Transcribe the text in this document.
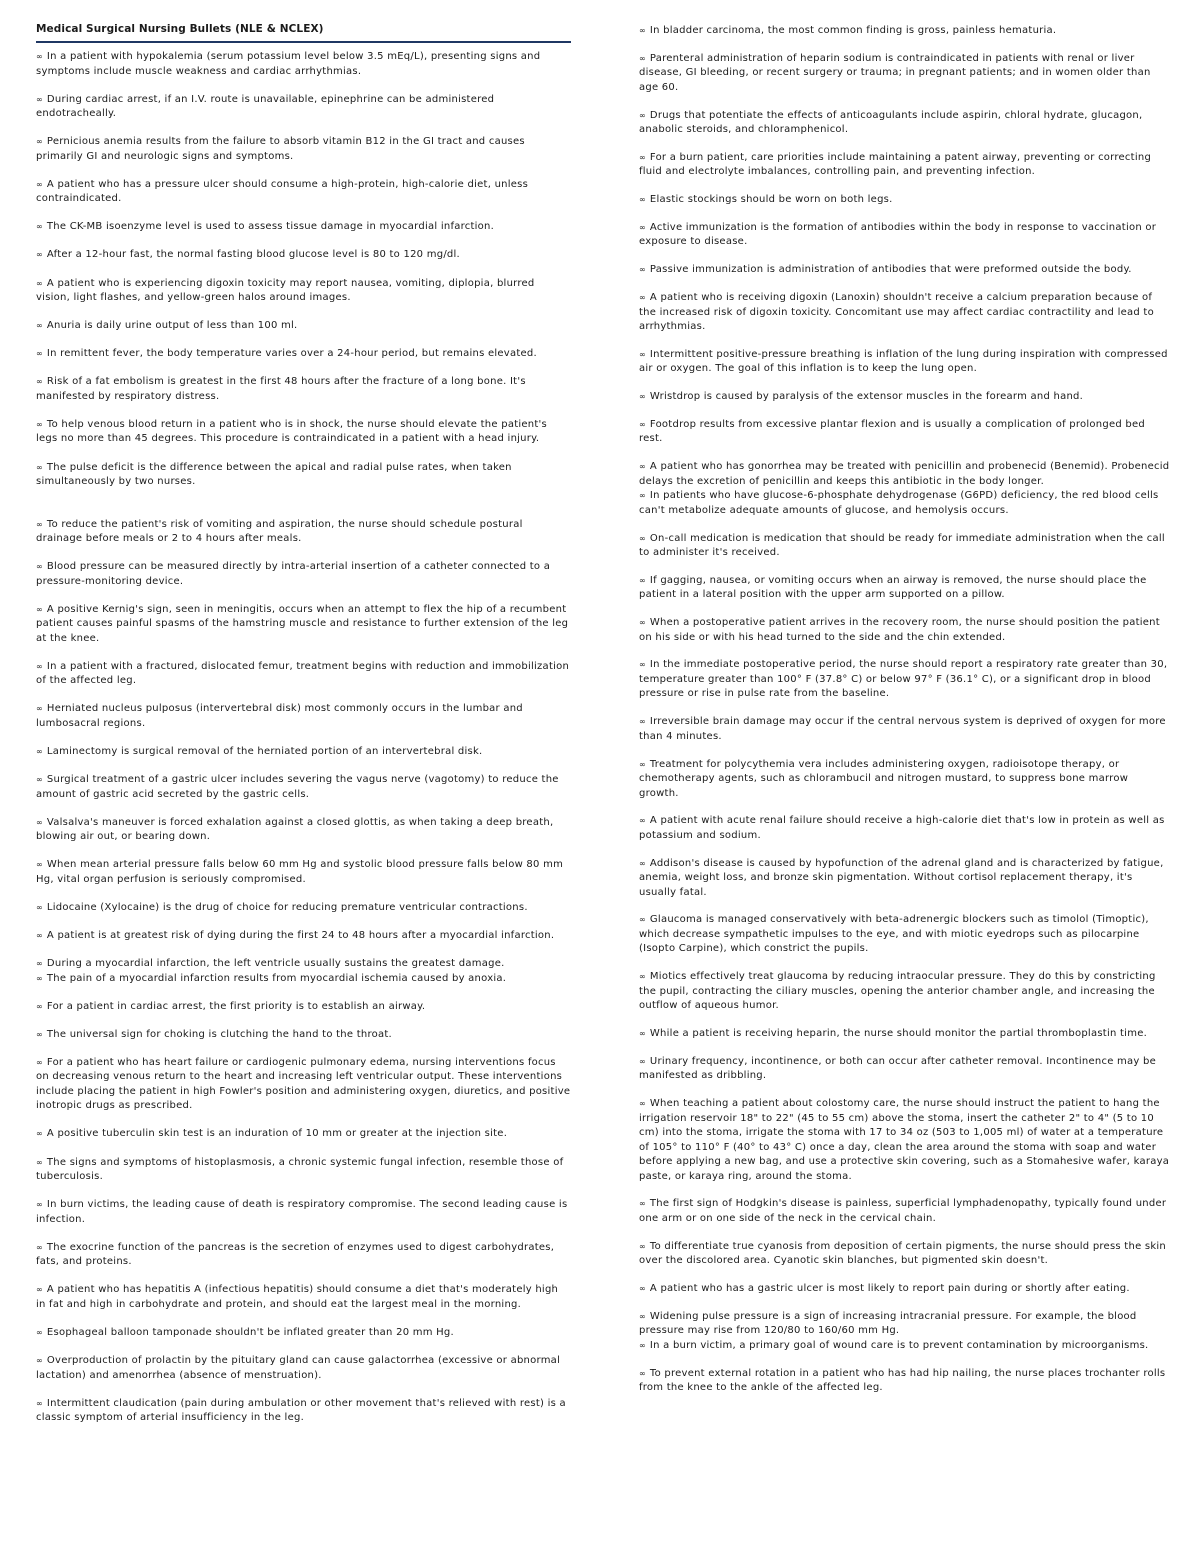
Medical Surgical Nursing Bullets (NLE & NCLEX)

∞ In a patient with hypokalemia (serum potassium level below 3.5 mEq/L), presenting signs and symptoms include muscle weakness and cardiac arrhythmias.

∞ During cardiac arrest, if an I.V. route is unavailable, epinephrine can be administered endotracheally.

∞ Pernicious anemia results from the failure to absorb vitamin B12 in the GI tract and causes primarily GI and neurologic signs and symptoms.

∞ A patient who has a pressure ulcer should consume a high-protein, high-calorie diet, unless contraindicated.

∞ The CK-MB isoenzyme level is used to assess tissue damage in myocardial infarction.

∞ After a 12-hour fast, the normal fasting blood glucose level is 80 to 120 mg/dl.

∞ A patient who is experiencing digoxin toxicity may report nausea, vomiting, diplopia, blurred vision, light flashes, and yellow-green halos around images.

∞ Anuria is daily urine output of less than 100 ml.

∞ In remittent fever, the body temperature varies over a 24-hour period, but remains elevated.

∞ Risk of a fat embolism is greatest in the first 48 hours after the fracture of a long bone. It's manifested by respiratory distress.

∞ To help venous blood return in a patient who is in shock, the nurse should elevate the patient's legs no more than 45 degrees. This procedure is contraindicated in a patient with a head injury.

∞ The pulse deficit is the difference between the apical and radial pulse rates, when taken simultaneously by two nurses.

∞ To reduce the patient's risk of vomiting and aspiration, the nurse should schedule postural drainage before meals or 2 to 4 hours after meals.

∞ Blood pressure can be measured directly by intra-arterial insertion of a catheter connected to a pressure-monitoring device.

∞ A positive Kernig's sign, seen in meningitis, occurs when an attempt to flex the hip of a recumbent patient causes painful spasms of the hamstring muscle and resistance to further extension of the leg at the knee.

∞ In a patient with a fractured, dislocated femur, treatment begins with reduction and immobilization of the affected leg.

∞ Herniated nucleus pulposus (intervertebral disk) most commonly occurs in the lumbar and lumbosacral regions.

∞ Laminectomy is surgical removal of the herniated portion of an intervertebral disk.

∞ Surgical treatment of a gastric ulcer includes severing the vagus nerve (vagotomy) to reduce the amount of gastric acid secreted by the gastric cells.

∞ Valsalva's maneuver is forced exhalation against a closed glottis, as when taking a deep breath, blowing air out, or bearing down.

∞ When mean arterial pressure falls below 60 mm Hg and systolic blood pressure falls below 80 mm Hg, vital organ perfusion is seriously compromised.

∞ Lidocaine (Xylocaine) is the drug of choice for reducing premature ventricular contractions.

∞ A patient is at greatest risk of dying during the first 24 to 48 hours after a myocardial infarction.

∞ During a myocardial infarction, the left ventricle usually sustains the greatest damage.

∞ The pain of a myocardial infarction results from myocardial ischemia caused by anoxia.

∞ For a patient in cardiac arrest, the first priority is to establish an airway.

∞ The universal sign for choking is clutching the hand to the throat.

∞ For a patient who has heart failure or cardiogenic pulmonary edema, nursing interventions focus on decreasing venous return to the heart and increasing left ventricular output. These interventions include placing the patient in high Fowler's position and administering oxygen, diuretics, and positive inotropic drugs as prescribed.

∞ A positive tuberculin skin test is an induration of 10 mm or greater at the injection site.

∞ The signs and symptoms of histoplasmosis, a chronic systemic fungal infection, resemble those of tuberculosis.

∞ In burn victims, the leading cause of death is respiratory compromise. The second leading cause is infection.

∞ The exocrine function of the pancreas is the secretion of enzymes used to digest carbohydrates, fats, and proteins.

∞ A patient who has hepatitis A (infectious hepatitis) should consume a diet that's moderately high in fat and high in carbohydrate and protein, and should eat the largest meal in the morning.

∞ Esophageal balloon tamponade shouldn't be inflated greater than 20 mm Hg.

∞ Overproduction of prolactin by the pituitary gland can cause galactorrhea (excessive or abnormal lactation) and amenorrhea (absence of menstruation).

∞ Intermittent claudication (pain during ambulation or other movement that's relieved with rest) is a classic symptom of arterial insufficiency in the leg.

∞ In bladder carcinoma, the most common finding is gross, painless hematuria.

∞ Parenteral administration of heparin sodium is contraindicated in patients with renal or liver disease, GI bleeding, or recent surgery or trauma; in pregnant patients; and in women older than age 60.

∞ Drugs that potentiate the effects of anticoagulants include aspirin, chloral hydrate, glucagon, anabolic steroids, and chloramphenicol.

∞ For a burn patient, care priorities include maintaining a patent airway, preventing or correcting fluid and electrolyte imbalances, controlling pain, and preventing infection.

∞ Elastic stockings should be worn on both legs.

∞ Active immunization is the formation of antibodies within the body in response to vaccination or exposure to disease.

∞ Passive immunization is administration of antibodies that were preformed outside the body.

∞ A patient who is receiving digoxin (Lanoxin) shouldn't receive a calcium preparation because of the increased risk of digoxin toxicity. Concomitant use may affect cardiac contractility and lead to arrhythmias.

∞ Intermittent positive-pressure breathing is inflation of the lung during inspiration with compressed air or oxygen. The goal of this inflation is to keep the lung open.

∞ Wristdrop is caused by paralysis of the extensor muscles in the forearm and hand.

∞ Footdrop results from excessive plantar flexion and is usually a complication of prolonged bed rest.

∞ A patient who has gonorrhea may be treated with penicillin and probenecid (Benemid). Probenecid delays the excretion of penicillin and keeps this antibiotic in the body longer.

∞ In patients who have glucose-6-phosphate dehydrogenase (G6PD) deficiency, the red blood cells can't metabolize adequate amounts of glucose, and hemolysis occurs.

∞ On-call medication is medication that should be ready for immediate administration when the call to administer it's received.

∞ If gagging, nausea, or vomiting occurs when an airway is removed, the nurse should place the patient in a lateral position with the upper arm supported on a pillow.

∞ When a postoperative patient arrives in the recovery room, the nurse should position the patient on his side or with his head turned to the side and the chin extended.

∞ In the immediate postoperative period, the nurse should report a respiratory rate greater than 30, temperature greater than 100° F (37.8° C) or below 97° F (36.1° C), or a significant drop in blood pressure or rise in pulse rate from the baseline.

∞ Irreversible brain damage may occur if the central nervous system is deprived of oxygen for more than 4 minutes.

∞ Treatment for polycythemia vera includes administering oxygen, radioisotope therapy, or chemotherapy agents, such as chlorambucil and nitrogen mustard, to suppress bone marrow growth.

∞ A patient with acute renal failure should receive a high-calorie diet that's low in protein as well as potassium and sodium.

∞ Addison's disease is caused by hypofunction of the adrenal gland and is characterized by fatigue, anemia, weight loss, and bronze skin pigmentation. Without cortisol replacement therapy, it's usually fatal.

∞ Glaucoma is managed conservatively with beta-adrenergic blockers such as timolol (Timoptic), which decrease sympathetic impulses to the eye, and with miotic eyedrops such as pilocarpine (Isopto Carpine), which constrict the pupils.

∞ Miotics effectively treat glaucoma by reducing intraocular pressure. They do this by constricting the pupil, contracting the ciliary muscles, opening the anterior chamber angle, and increasing the outflow of aqueous humor.

∞ While a patient is receiving heparin, the nurse should monitor the partial thromboplastin time.

∞ Urinary frequency, incontinence, or both can occur after catheter removal. Incontinence may be manifested as dribbling.

∞ When teaching a patient about colostomy care, the nurse should instruct the patient to hang the irrigation reservoir 18" to 22" (45 to 55 cm) above the stoma, insert the catheter 2" to 4" (5 to 10 cm) into the stoma, irrigate the stoma with 17 to 34 oz (503 to 1,005 ml) of water at a temperature of 105° to 110° F (40° to 43° C) once a day, clean the area around the stoma with soap and water before applying a new bag, and use a protective skin covering, such as a Stomahesive wafer, karaya paste, or karaya ring, around the stoma.

∞ The first sign of Hodgkin's disease is painless, superficial lymphadenopathy, typically found under one arm or on one side of the neck in the cervical chain.

∞ To differentiate true cyanosis from deposition of certain pigments, the nurse should press the skin over the discolored area. Cyanotic skin blanches, but pigmented skin doesn't.

∞ A patient who has a gastric ulcer is most likely to report pain during or shortly after eating.

∞ Widening pulse pressure is a sign of increasing intracranial pressure. For example, the blood pressure may rise from 120/80 to 160/60 mm Hg.

∞ In a burn victim, a primary goal of wound care is to prevent contamination by microorganisms.

∞ To prevent external rotation in a patient who has had hip nailing, the nurse places trochanter rolls from the knee to the ankle of the affected leg.
